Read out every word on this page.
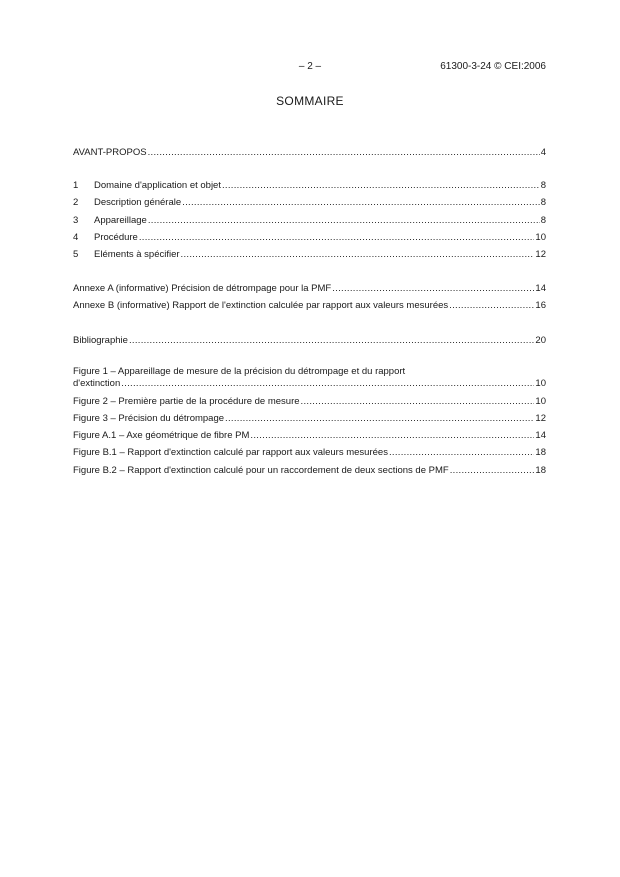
– 2 –	61300-3-24 © CEI:2006
SOMMAIRE
AVANT-PROPOS .....	4
1	Domaine d'application et objet .....	8
2	Description générale .....	8
3	Appareillage .....	8
4	Procédure .....	10
5	Eléments à spécifier .....	12
Annexe A (informative) Précision de détrompage pour la PMF .....	14
Annexe B (informative) Rapport de l'extinction calculée par rapport aux valeurs mesurées .....	16
Bibliographie .....	20
Figure 1 – Appareillage de mesure de la précision du détrompage et du rapport
d'extinction .....	10
Figure 2 – Première partie de la procédure de mesure .....	10
Figure 3 – Précision du détrompage .....	12
Figure A.1 – Axe géométrique de fibre PM .....	14
Figure B.1 – Rapport d'extinction calculé par rapport aux valeurs mesurées .....	18
Figure B.2 – Rapport d'extinction calculé pour un raccordement de deux sections de PMF .....	18
